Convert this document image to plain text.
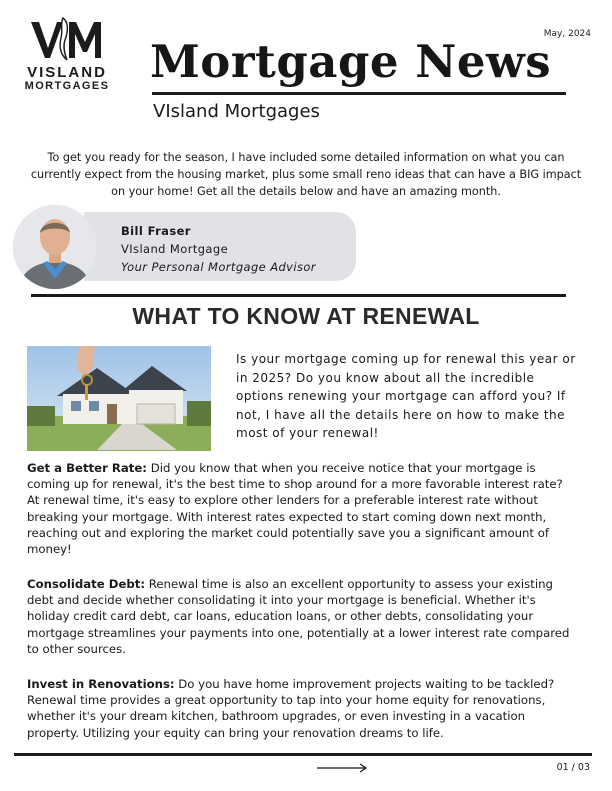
VISLAND
MORTGAGES
May, 2024
Mortgage News
VIsland Mortgages
To get you ready for the season, I have included some detailed information on what you can currently expect from the housing market, plus some small reno ideas that can have a BIG impact on your home! Get all the details below and have an amazing month.
Bill Fraser
VIsland Mortgage
Your Personal Mortgage Advisor
WHAT TO KNOW AT RENEWAL
Is your mortgage coming up for renewal this year or in 2025? Do you know about all the incredible options renewing your mortgage can afford you? If not, I have all the details here on how to make the most of your renewal!
Get a Better Rate: Did you know that when you receive notice that your mortgage is coming up for renewal, it's the best time to shop around for a more favorable interest rate? At renewal time, it's easy to explore other lenders for a preferable interest rate without breaking your mortgage. With interest rates expected to start coming down next month, reaching out and exploring the market could potentially save you a significant amount of money!
Consolidate Debt: Renewal time is also an excellent opportunity to assess your existing debt and decide whether consolidating it into your mortgage is beneficial. Whether it's holiday credit card debt, car loans, education loans, or other debts, consolidating your mortgage streamlines your payments into one, potentially at a lower interest rate compared to other sources.
Invest in Renovations: Do you have home improvement projects waiting to be tackled? Renewal time provides a great opportunity to tap into your home equity for renovations, whether it's your dream kitchen, bathroom upgrades, or even investing in a vacation property. Utilizing your equity can bring your renovation dreams to life.
01 / 03
